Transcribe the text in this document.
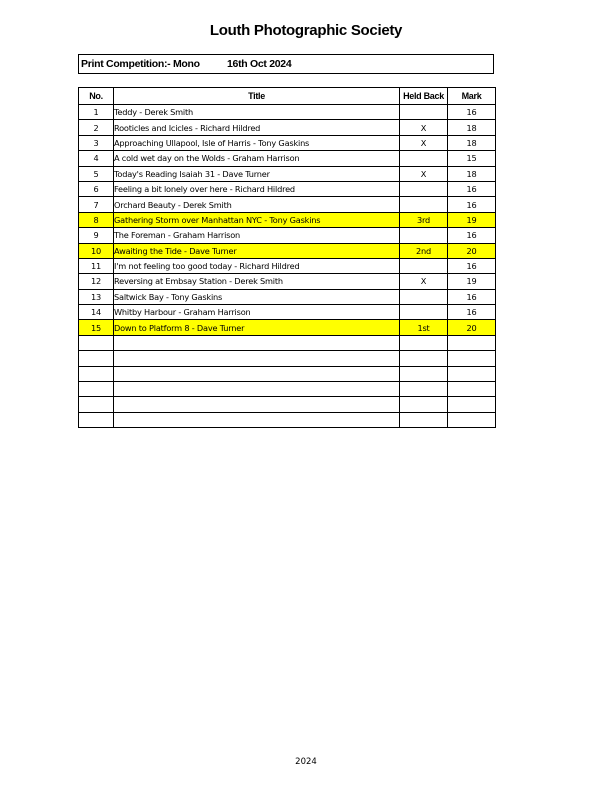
Louth Photographic Society
Print Competition:- Mono	16th Oct 2024
No.	Title	Held Back	Mark
1	Teddy - Derek Smith		16
2	Rooticles and Icicles - Richard Hildred	X	18
3	Approaching Ullapool, Isle of Harris - Tony Gaskins	X	18
4	A cold wet day on the Wolds - Graham Harrison		15
5	Today's Reading Isaiah 31 - Dave Turner	X	18
6	Feeling a bit lonely over here - Richard Hildred		16
7	Orchard Beauty - Derek Smith		16
8	Gathering Storm over Manhattan NYC - Tony Gaskins	3rd	19
9	The Foreman - Graham Harrison		16
10	Awaiting the Tide - Dave Turner	2nd	20
11	I'm not feeling too good today - Richard Hildred		16
12	Reversing at Embsay Station - Derek Smith	X	19
13	Saltwick Bay - Tony Gaskins		16
14	Whitby Harbour - Graham Harrison		16
15	Down to Platform 8 - Dave Turner	1st	20

2024
